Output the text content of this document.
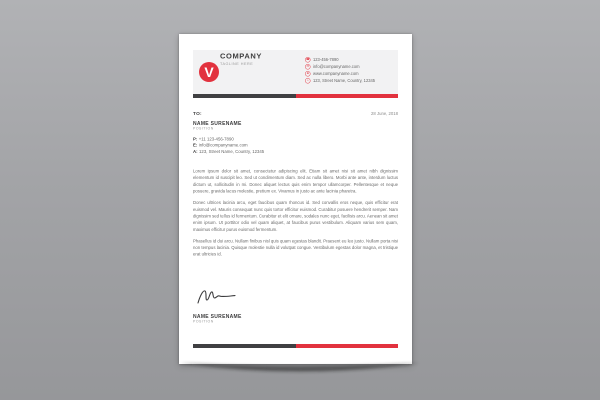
V
COMPANY
TAGLINE HERE
☎ 123-456-7890
✉ info@companyname.com
⊕ www.companyname.com
⌂ 123, Street Name, Country, 12345
TO:	28 June, 2018
NAME SURENAME
POSITION
P: +11 123-456-7890
E: info@companyname.com
A: 123, Street Name, Country, 12345

Lorem ipsum dolor sit amet, consectetur adipiscing elit. Etiam sit amet nisi sit amet nibh dignissim elementum id suscipit leo. Sed ut condimentum diam. Sed ac nulla libero. Morbi ante ante, interdum luctus dictum ut, sollicitudin in mi. Donec aliquet lectus quis enim tempor ullamcorper. Pellentesque et neque posuere, gravida lacus molestie, pretium ex. Vivamus in justo ac ante lacinia pharetra.

Donec ultrices lacinia arcu, eget faucibus quam rhoncus id. Sed convallis eros neque, quis efficitur erat euismod vel. Mauris consequat nunc quis tortor efficitur euismod. Curabitur posuere hendrerit semper. Nam dignissim sed tellus id fermentum. Curabitur et elit ornare, sodales nunc eget, facilisis arcu. Aenean sit amet enim ipsum. Ut porttitor odio vel quam aliquet, at faucibus purus vestibulum. Aliquam varius sem quam, maximus efficitur purus euismod fermentum.

Phasellus id dui arcu. Nullam finibus nisl quis quam egestas blandit. Praesent eu leo justo. Nullam porta nisi non tempus lacinia. Quisque molestie nulla id volutpat congue. Vestibulum egestas dolor magna, et tristique erat ultricies id.

NAME SURENAME
POSITION
